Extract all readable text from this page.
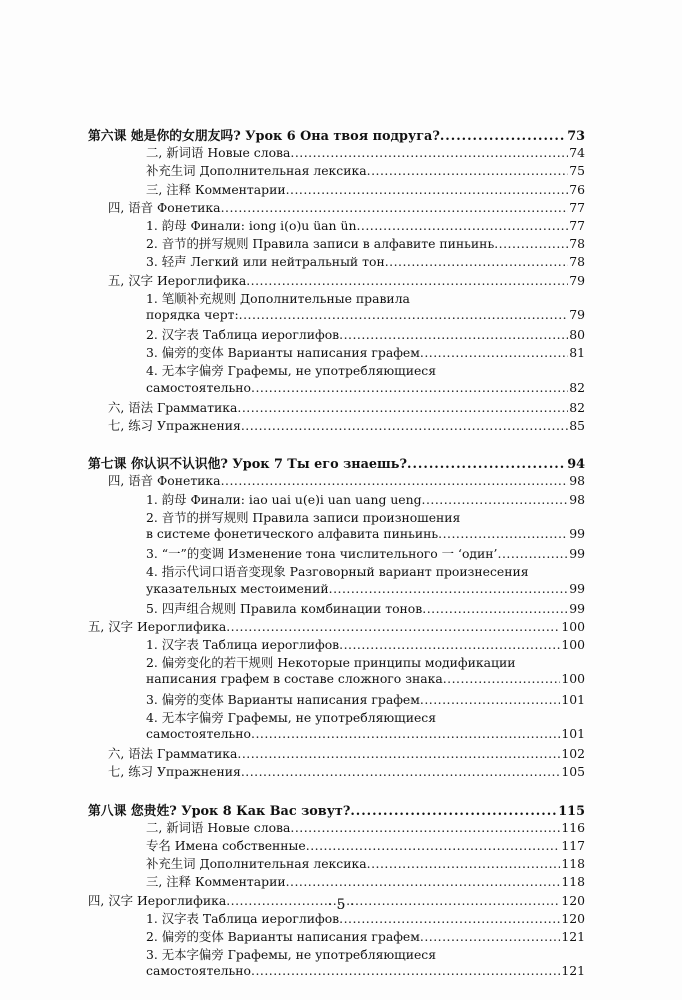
第六课 她是你的女朋友吗? Урок 6 Она твоя подруга? .....	73
二, 新词语 Новые слова .....	74
补充生词 Дополнительная лексика .....	75
三, 注释 Комментарии .....	76
四, 语音 Фонетика .....	77
1. 韵母 Финали: iong i(o)u üan ün .....	77
2. 音节的拼写规则 Правила записи в алфавите пиньинь .....	78
3. 轻声 Легкий или нейтральный тон .....	78
五, 汉字 Иероглифика .....	79
1. 笔顺补充规则 Дополнительные правила
порядка черт: .....	79
2. 汉字表 Таблица иероглифов .....	80
3. 偏旁的变体 Варианты написания графем .....	81
4. 无本字偏旁 Графемы, не употребляющиеся
самостоятельно .....	82
六, 语法 Грамматика .....	82
七, 练习 Упражнения .....	85
第七课 你认识不认识他? Урок 7 Ты его знаешь? .....	94
四, 语音 Фонетика .....	98
1. 韵母 Финали: iao uai u(e)i uan uang ueng .....	98
2. 音节的拼写规则 Правила записи произношения
в системе фонетического алфавита пиньинь .....	99
3. “一”的变调 Изменение тона числительного 一 ‘один’ .....	99
4. 指示代词口语音变现象 Разговорный вариант произнесения
указательных местоимений .....	99
5. 四声组合规则 Правила комбинации тонов .....	99
五, 汉字 Иероглифика .....	100
1. 汉字表 Таблица иероглифов .....	100
2. 偏旁变化的若干规则 Некоторые принципы модификации
написания графем в составе сложного знака .....	100
3. 偏旁的变体 Варианты написания графем .....	101
4. 无本字偏旁 Графемы, не употребляющиеся
самостоятельно .....	101
六, 语法 Грамматика .....	102
七, 练习 Упражнения .....	105
第八课 您贵姓? Урок 8 Как Вас зовут? .....	115
二, 新词语 Новые слова .....	116
专名 Имена собственные .....	117
补充生词 Дополнительная лексика .....	118
三, 注释 Комментарии .....	118
四, 汉字 Иероглифика .....	120
1. 汉字表 Таблица иероглифов .....	120
2. 偏旁的变体 Варианты написания графем .....	121
3. 无本字偏旁 Графемы, не употребляющиеся
самостоятельно .....	121
· 5 ·
